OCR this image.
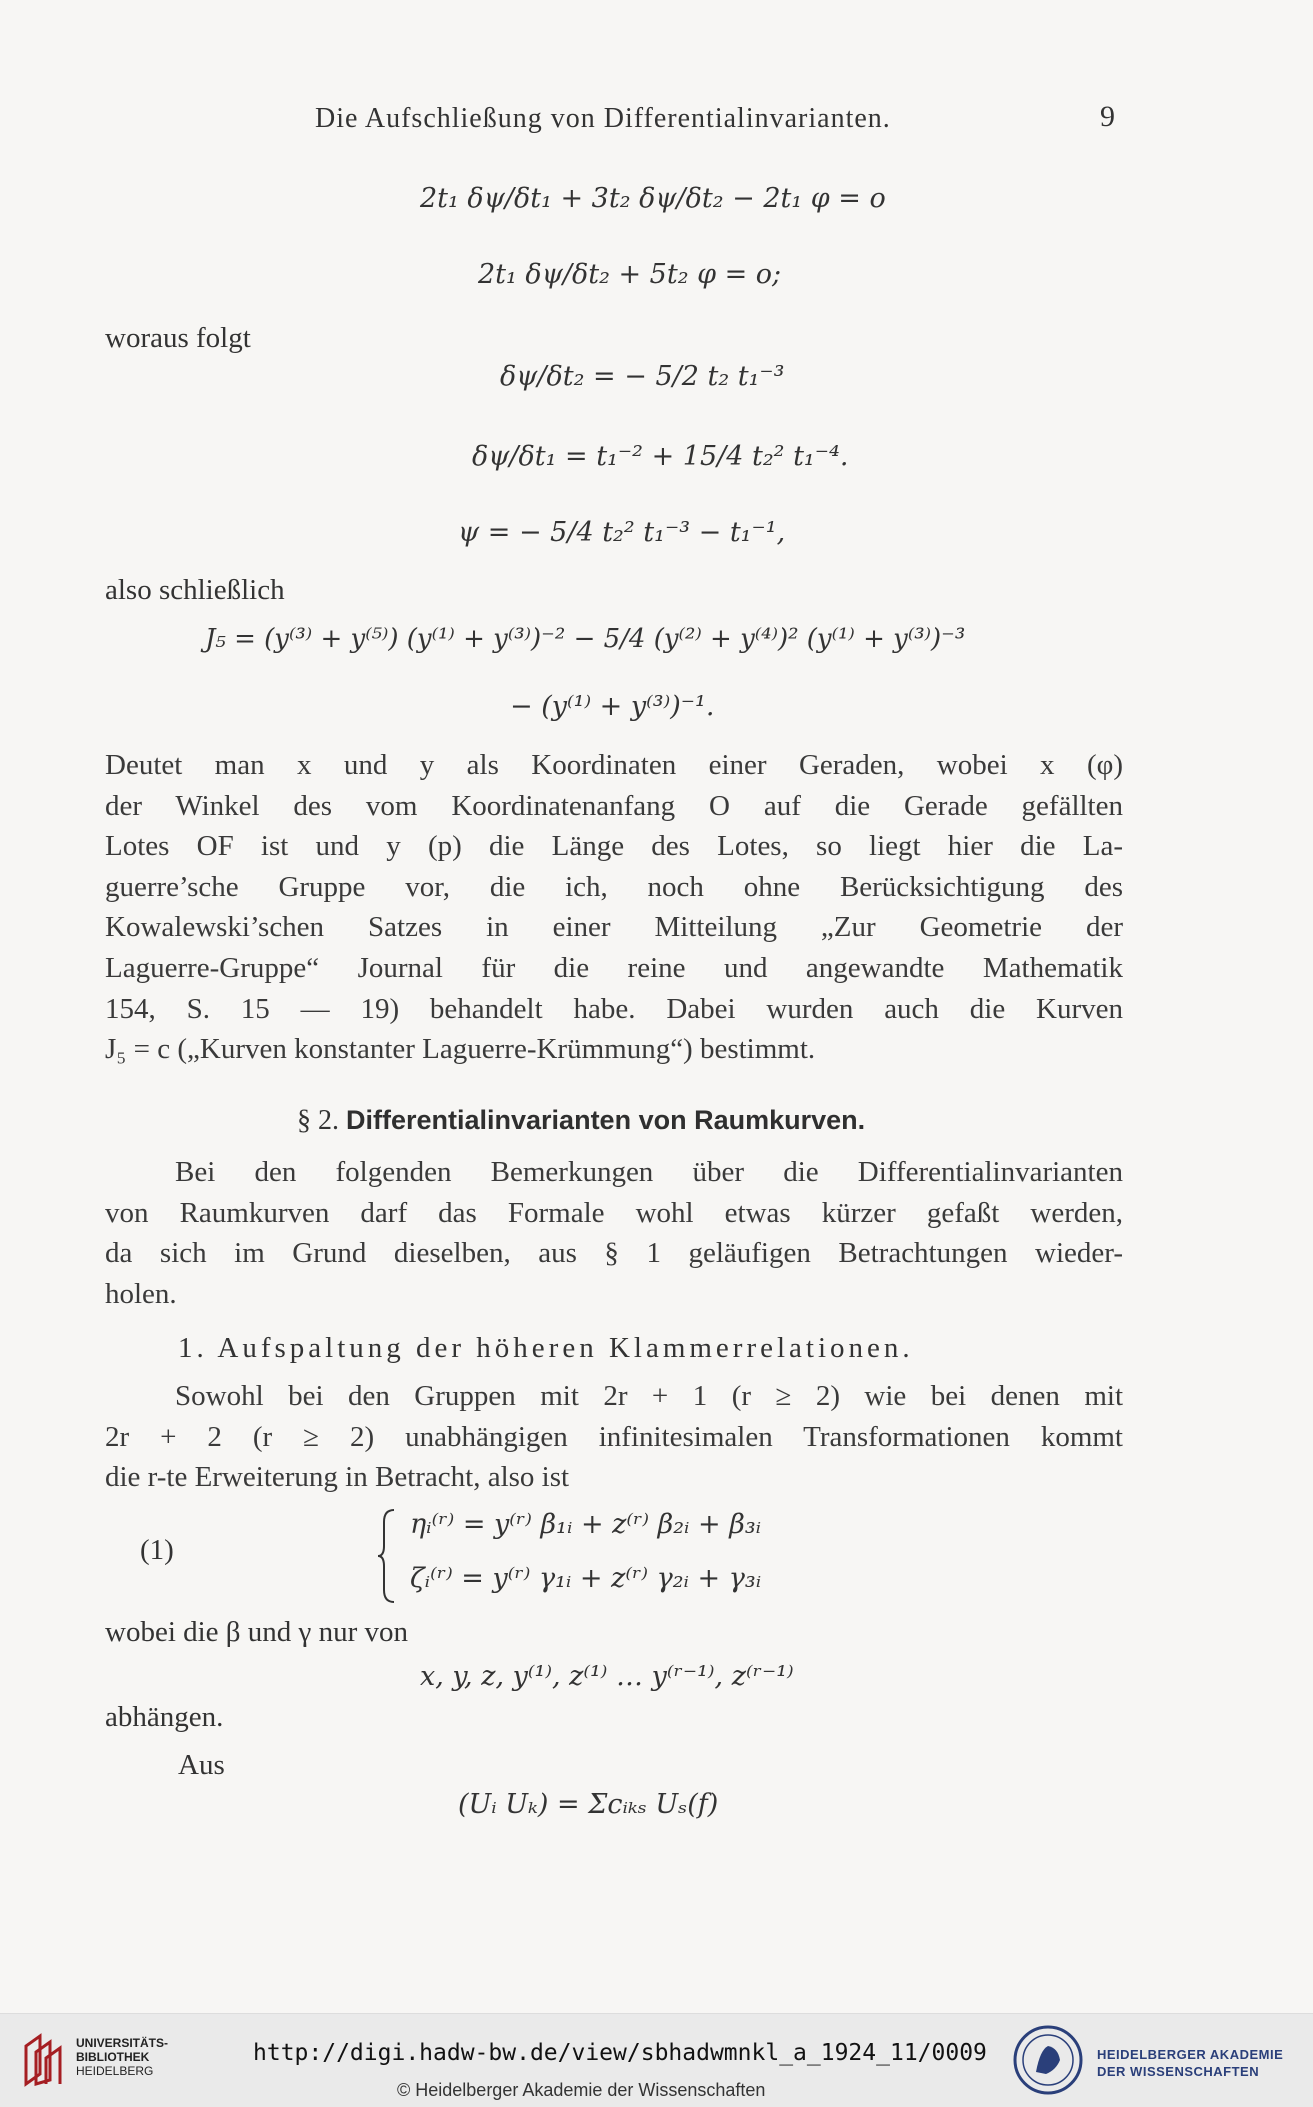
Die Aufschließung von Differentialinvarianten.	9
2t₁ δψ/δt₁ + 3t₂ δψ/δt₂ − 2t₁ φ = o
2t₁ δψ/δt₂ + 5t₂ φ = o;
woraus folgt
δψ/δt₂ = − 5/2 t₂ t₁⁻³
δψ/δt₁ = t₁⁻² + 15/4 t₂² t₁⁻⁴.
ψ = − 5/4 t₂² t₁⁻³ − t₁⁻¹,
also schließlich
J₅ = (y⁽³⁾ + y⁽⁵⁾) (y⁽¹⁾ + y⁽³⁾)⁻² − 5/4 (y⁽²⁾ + y⁽⁴⁾)² (y⁽¹⁾ + y⁽³⁾)⁻³
− (y⁽¹⁾ + y⁽³⁾)⁻¹.
Deutet man x und y als Koordinaten einer Geraden, wobei x (φ)
der Winkel des vom Koordinatenanfang O auf die Gerade gefällten
Lotes OF ist und y (p) die Länge des Lotes, so liegt hier die La-
guerre’sche Gruppe vor, die ich, noch ohne Berücksichtigung des
Kowalewski’schen Satzes in einer Mitteilung „Zur Geometrie der
Laguerre-Gruppe“ Journal für die reine und angewandte Mathematik
154, S. 15 — 19) behandelt habe. Dabei wurden auch die Kurven
J₅ = c („Kurven konstanter Laguerre-Krümmung“) bestimmt.
§ 2. Differentialinvarianten von Raumkurven.
Bei den folgenden Bemerkungen über die Differentialinvarianten
von Raumkurven darf das Formale wohl etwas kürzer gefaßt werden,
da sich im Grund dieselben, aus § 1 geläufigen Betrachtungen wieder-
holen.
1. Aufspaltung der höheren Klammerrelationen.
Sowohl bei den Gruppen mit 2r + 1 (r ≥ 2) wie bei denen mit
2r + 2 (r ≥ 2) unabhängigen infinitesimalen Transformationen kommt
die r-te Erweiterung in Betracht, also ist
(1)
ηᵢ⁽ʳ⁾ = y⁽ʳ⁾ β₁ᵢ + z⁽ʳ⁾ β₂ᵢ + β₃ᵢ
ζᵢ⁽ʳ⁾ = y⁽ʳ⁾ γ₁ᵢ + z⁽ʳ⁾ γ₂ᵢ + γ₃ᵢ
wobei die β und γ nur von
x, y, z, y⁽¹⁾, z⁽¹⁾ … y⁽ʳ⁻¹⁾, z⁽ʳ⁻¹⁾
abhängen.
Aus
(Uᵢ Uₖ) = Σcᵢₖₛ Uₛ(f)
UNIVERSITÄTS-
BIBLIOTHEK
HEIDELBERG
http://digi.hadw-bw.de/view/sbhadwmnkl_a_1924_11/0009
© Heidelberger Akademie der Wissenschaften
HEIDELBERGER AKADEMIE
DER WISSENSCHAFTEN
